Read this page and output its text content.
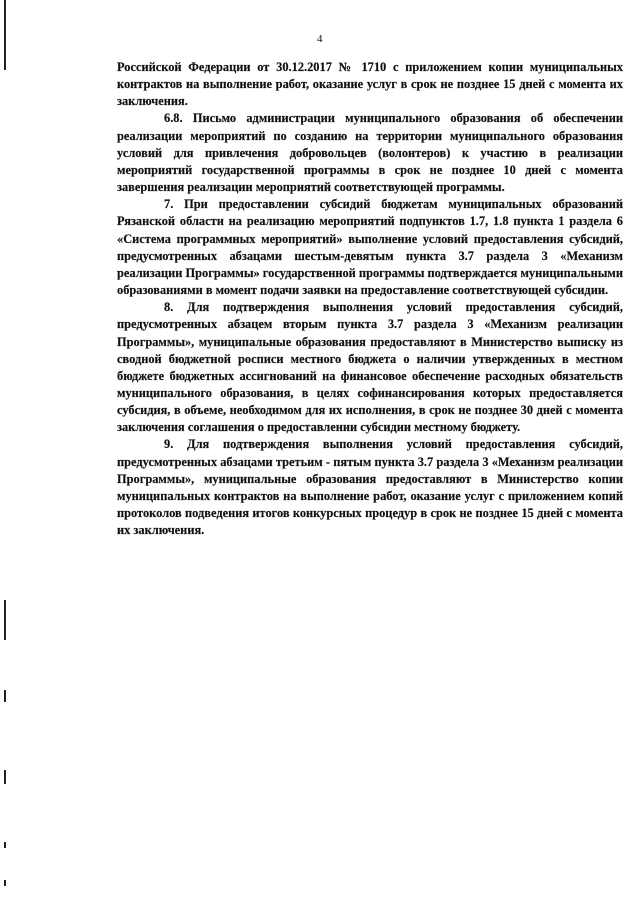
4

Российской Федерации от 30.12.2017 № 1710 с приложением копии муниципальных контрактов на выполнение работ, оказание услуг в срок не позднее 15 дней с момента их заключения.

6.8. Письмо администрации муниципального образования об обеспечении реализации мероприятий по созданию на территории муниципального образования условий для привлечения добровольцев (волонтеров) к участию в реализации мероприятий государственной программы в срок не позднее 10 дней с момента завершения реализации мероприятий соответствующей программы.

7. При предоставлении субсидий бюджетам муниципальных образований Рязанской области на реализацию мероприятий подпунктов 1.7, 1.8 пункта 1 раздела 6 «Система программных мероприятий» выполнение условий предоставления субсидий, предусмотренных абзацами шестым-девятым пункта 3.7 раздела 3 «Механизм реализации Программы» государственной программы подтверждается муниципальными образованиями в момент подачи заявки на предоставление соответствующей субсидии.

8. Для подтверждения выполнения условий предоставления субсидий, предусмотренных абзацем вторым пункта 3.7 раздела 3 «Механизм реализации Программы», муниципальные образования предоставляют в Министерство выписку из сводной бюджетной росписи местного бюджета о наличии утвержденных в местном бюджете бюджетных ассигнований на финансовое обеспечение расходных обязательств муниципального образования, в целях софинансирования которых предоставляется субсидия, в объеме, необходимом для их исполнения, в срок не позднее 30 дней с момента заключения соглашения о предоставлении субсидии местному бюджету.

9. Для подтверждения выполнения условий предоставления субсидий, предусмотренных абзацами третьим - пятым пункта 3.7 раздела 3 «Механизм реализации Программы», муниципальные образования предоставляют в Министерство копии муниципальных контрактов на выполнение работ, оказание услуг с приложением копий протоколов подведения итогов конкурсных процедур в срок не позднее 15 дней с момента их заключения.
